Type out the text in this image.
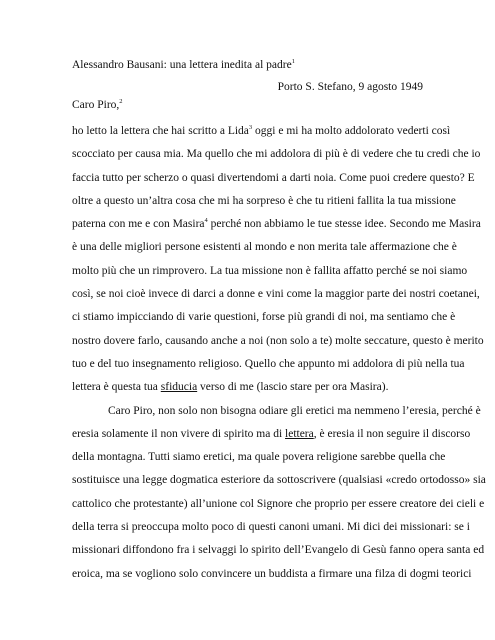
Alessandro Bausani: una lettera inedita al padre$^1$
Porto S. Stefano, 9 agosto 1949
Caro Piro,$^2$
ho letto la lettera che hai scritto a Lida$^3$ oggi e mi ha molto addolorato vederti così
scocciato per causa mia. Ma quello che mi addolora di più è di vedere che tu credi che io
faccia tutto per scherzo o quasi divertendomi a darti noia. Come puoi credere questo? E
oltre a questo un’altra cosa che mi ha sorpreso è che tu ritieni fallita la tua missione
paterna con me e con Masira$^4$ perché non abbiamo le tue stesse idee. Secondo me Masira
è una delle migliori persone esistenti al mondo e non merita tale affermazione che è
molto più che un rimprovero. La tua missione non è fallita affatto perché se noi siamo
così, se noi cioè invece di darci a donne e vini come la maggior parte dei nostri coetanei,
ci stiamo impicciando di varie questioni, forse più grandi di noi, ma sentiamo che è
nostro dovere farlo, causando anche a noi (non solo a te) molte seccature, questo è merito
tuo e del tuo insegnamento religioso. Quello che appunto mi addolora di più nella tua
lettera è questa tua sfiducia verso di me (lascio stare per ora Masira).
Caro Piro, non solo non bisogna odiare gli eretici ma nemmeno l’eresia, perché è
eresia solamente il non vivere di spirito ma di lettera, è eresia il non seguire il discorso
della montagna. Tutti siamo eretici, ma quale povera religione sarebbe quella che
sostituisce una legge dogmatica esteriore da sottoscrivere (qualsiasi «credo ortodosso» sia
cattolico che protestante) all’unione col Signore che proprio per essere creatore dei cieli e
della terra si preoccupa molto poco di questi canoni umani. Mi dici dei missionari: se i
missionari diffondono fra i selvaggi lo spirito dell’Evangelo di Gesù fanno opera santa ed
eroica, ma se vogliono solo convincere un buddista a firmare una filza di dogmi teorici
